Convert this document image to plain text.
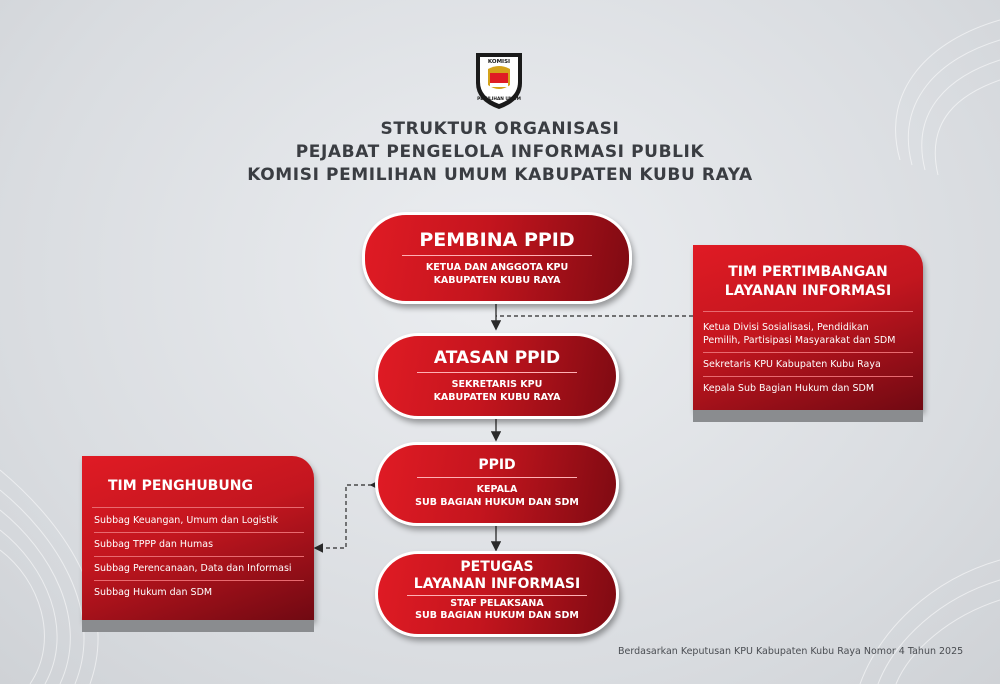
KOMISI
PEMILIHAN UMUM
STRUKTUR ORGANISASI
PEJABAT PENGELOLA INFORMASI PUBLIK
KOMISI PEMILIHAN UMUM KABUPATEN KUBU RAYA
PEMBINA PPID
KETUA DAN ANGGOTA KPU
KABUPATEN KUBU RAYA
ATASAN PPID
SEKRETARIS KPU
KABUPATEN KUBU RAYA
PPID
KEPALA
SUB BAGIAN HUKUM DAN SDM
PETUGAS
LAYANAN INFORMASI
STAF PELAKSANA
SUB BAGIAN HUKUM DAN SDM
TIM PERTIMBANGAN
LAYANAN INFORMASI
Ketua Divisi Sosialisasi, Pendidikan
Pemilih, Partisipasi Masyarakat dan SDM
Sekretaris KPU Kabupaten Kubu Raya
Kepala Sub Bagian Hukum dan SDM
TIM PENGHUBUNG
Subbag Keuangan, Umum dan Logistik
Subbag TPPP dan Humas
Subbag Perencanaan, Data dan Informasi
Subbag Hukum dan SDM
Berdasarkan Keputusan KPU Kabupaten Kubu Raya Nomor 4 Tahun 2025
